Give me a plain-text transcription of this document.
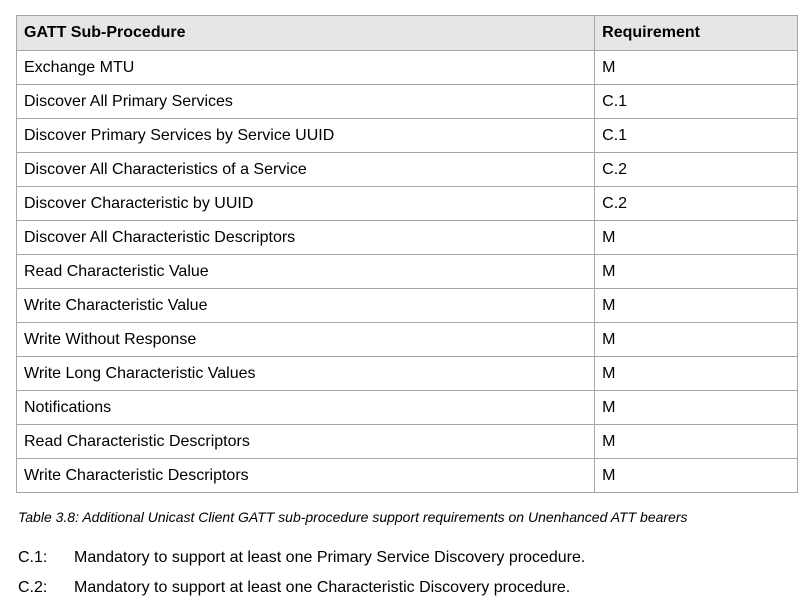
GATT Sub-Procedure	Requirement
Exchange MTU	M
Discover All Primary Services	C.1
Discover Primary Services by Service UUID	C.1
Discover All Characteristics of a Service	C.2
Discover Characteristic by UUID	C.2
Discover All Characteristic Descriptors	M
Read Characteristic Value	M
Write Characteristic Value	M
Write Without Response	M
Write Long Characteristic Values	M
Notifications	M
Read Characteristic Descriptors	M
Write Characteristic Descriptors	M
Table 3.8: Additional Unicast Client GATT sub-procedure support requirements on Unenhanced ATT bearers
C.1: Mandatory to support at least one Primary Service Discovery procedure.
C.2: Mandatory to support at least one Characteristic Discovery procedure.
